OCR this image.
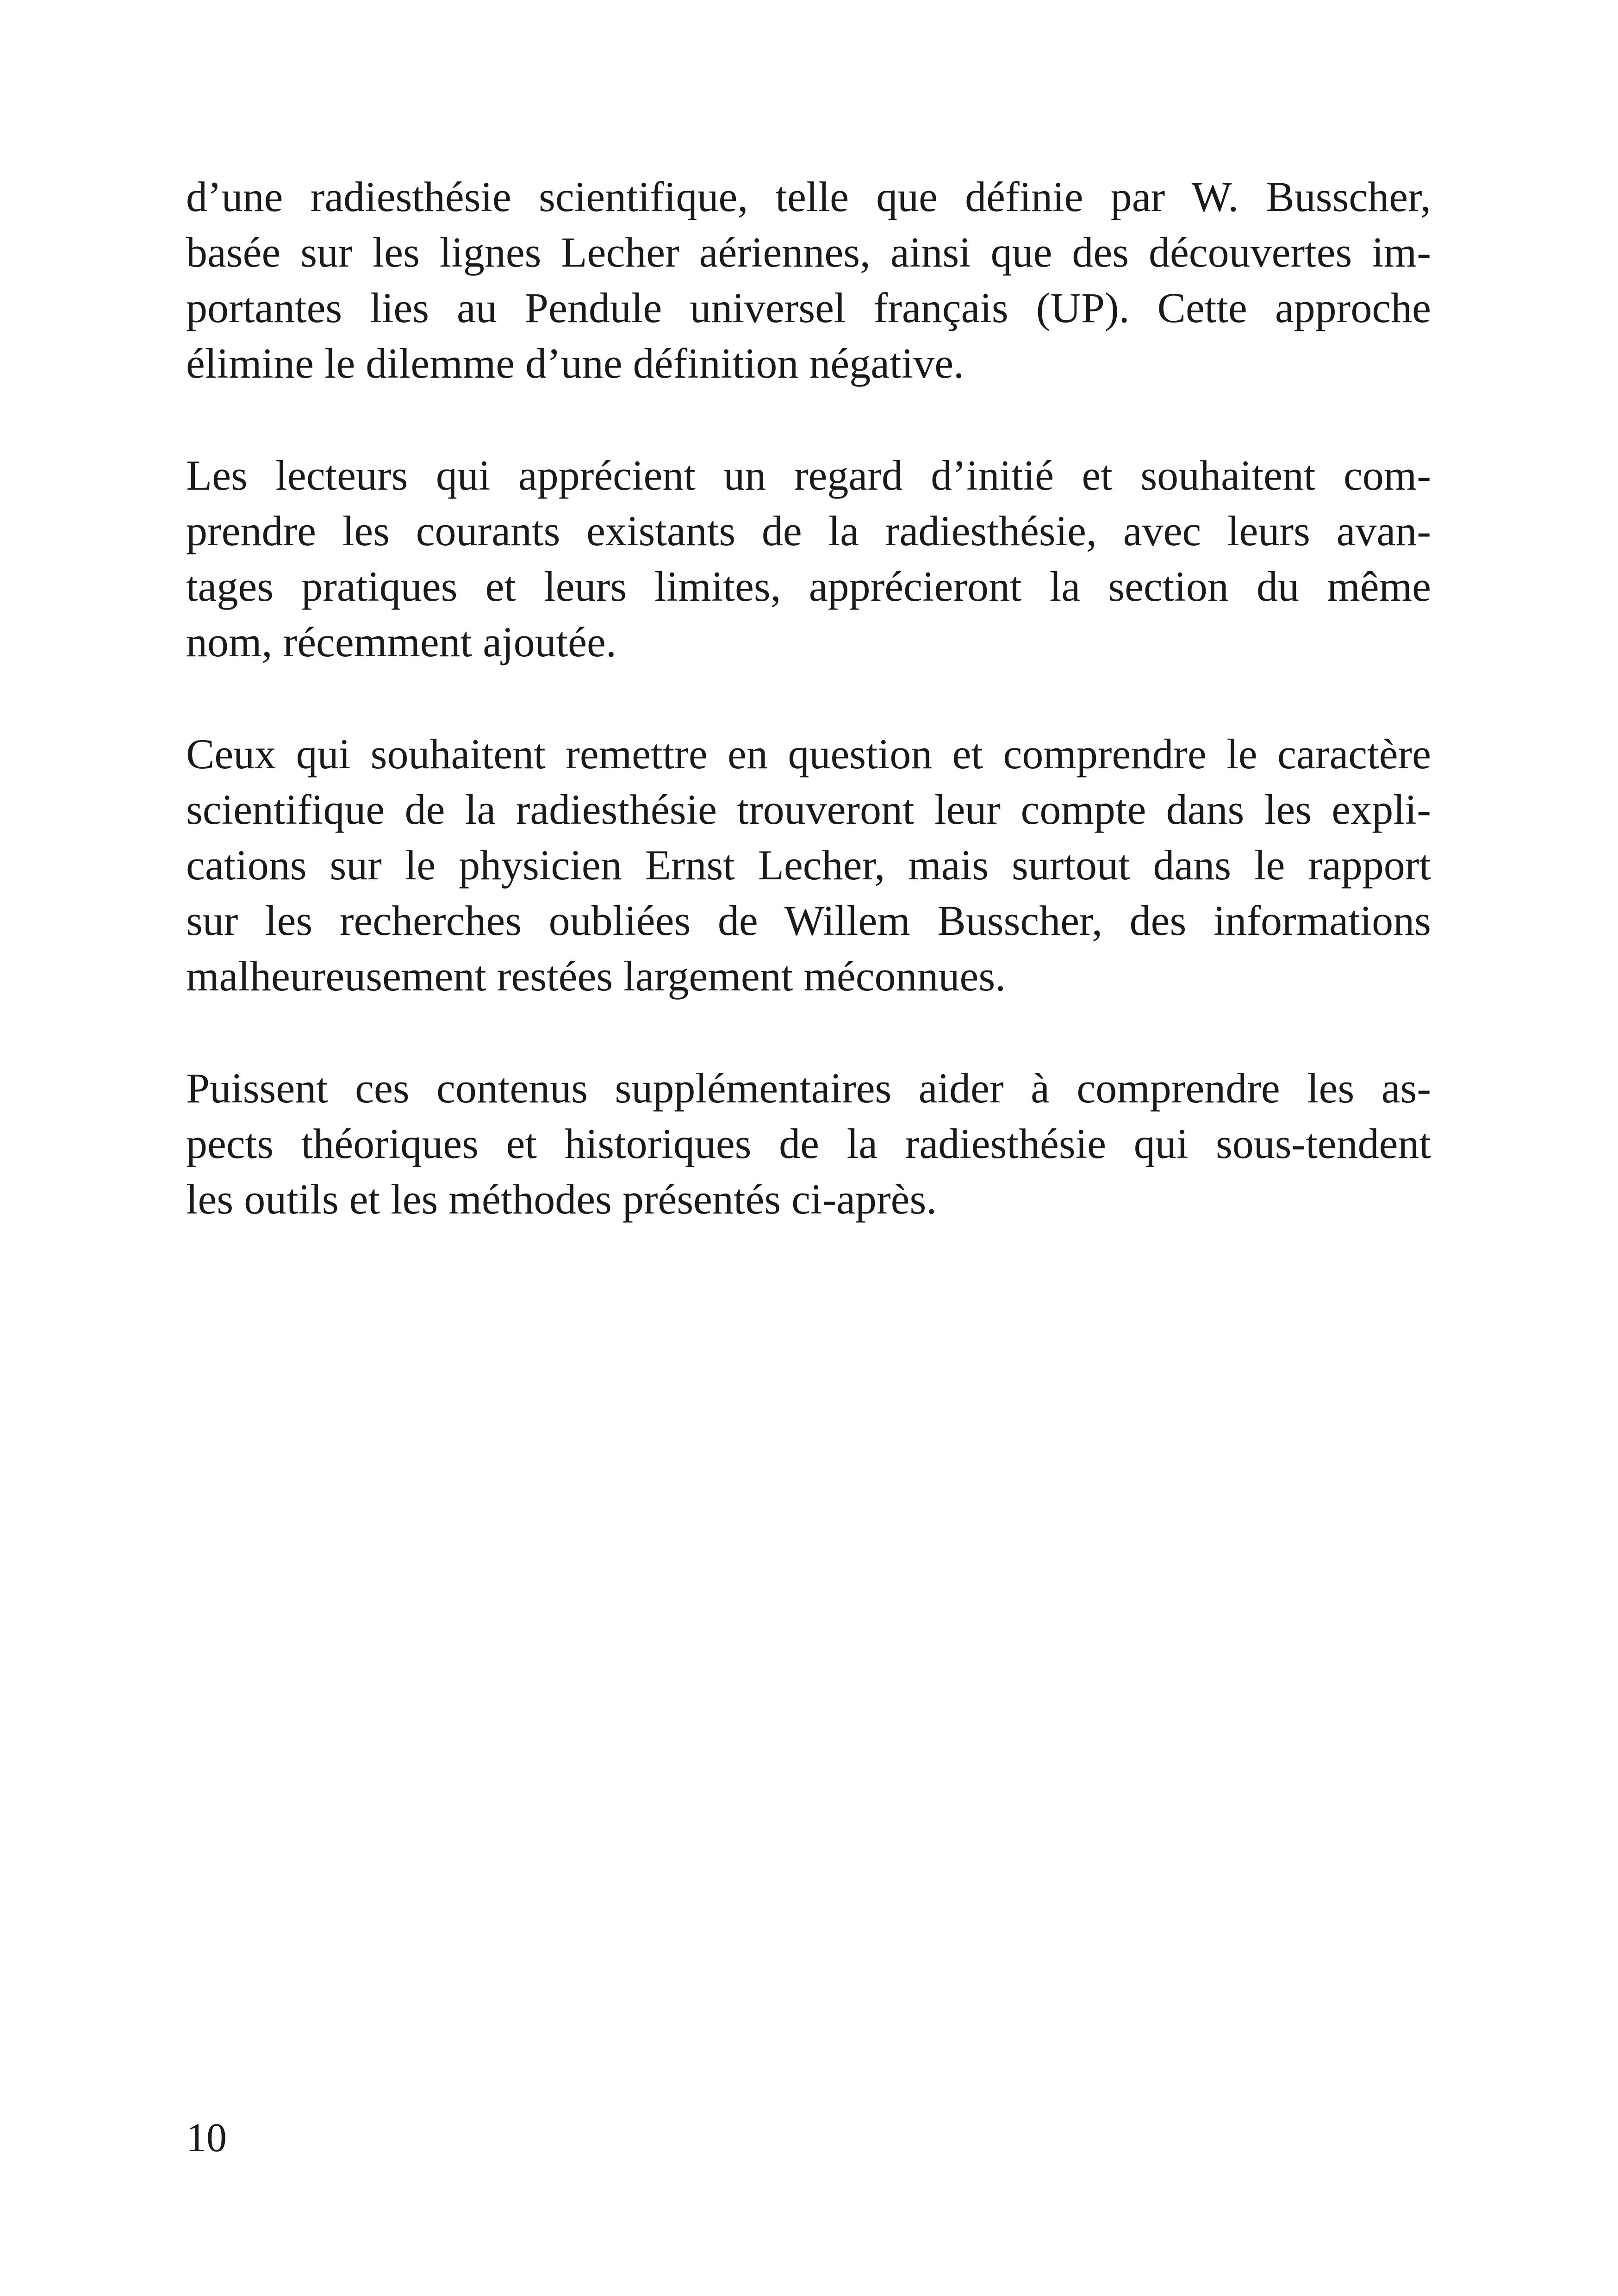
d’une radiesthésie scientifique, telle que définie par W. Busscher,
basée sur les lignes Lecher aériennes, ainsi que des découvertes im-
portantes lies au Pendule universel français (UP). Cette approche
élimine le dilemme d’une définition négative.
Les lecteurs qui apprécient un regard d’initié et souhaitent com-
prendre les courants existants de la radiesthésie, avec leurs avan-
tages pratiques et leurs limites, apprécieront la section du même
nom, récemment ajoutée.
Ceux qui souhaitent remettre en question et comprendre le caractère
scientifique de la radiesthésie trouveront leur compte dans les expli-
cations sur le physicien Ernst Lecher, mais surtout dans le rapport
sur les recherches oubliées de Willem Busscher, des informations
malheureusement restées largement méconnues.
Puissent ces contenus supplémentaires aider à comprendre les as-
pects théoriques et historiques de la radiesthésie qui sous-tendent
les outils et les méthodes présentés ci-après.
10
